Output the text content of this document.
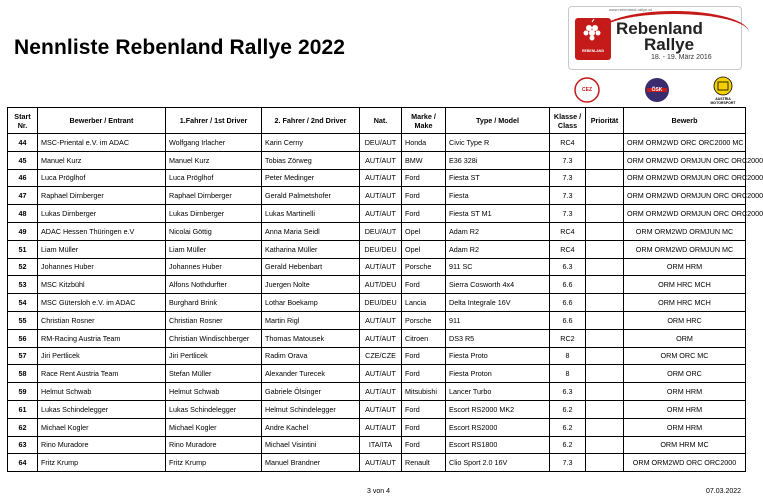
Nennliste Rebenland Rallye 2022
www.rebenland-rallye.at
REBENLAND
Rebenland
Rallye
18. - 19. März 2016
CEZ	ÖSK
AUSTRIA MOTORSPORT
Start Nr.	Bewerber / Entrant	1.Fahrer / 1st Driver	2. Fahrer / 2nd Driver	Nat.	Marke / Make	Type / Model	Klasse / Class	Priorität	Bewerb
44	MSC-Priental e.V. im ADAC	Wolfgang Irlacher	Karin Cerny	DEU/AUT	Honda	Civic Type R	RC4		ORM ORM2WD ORC ORC2000 MC
45	Manuel Kurz	Manuel Kurz	Tobias Zörweg	AUT/AUT	BMW	E36 328i	7.3		ORM ORM2WD ORMJUN ORC ORC2000
46	Luca Pröglhof	Luca Pröglhof	Peter Medinger	AUT/AUT	Ford	Fiesta ST	7.3		ORM ORM2WD ORMJUN ORC ORC2000
47	Raphael Dirnberger	Raphael Dirnberger	Gerald Palmetshofer	AUT/AUT	Ford	Fiesta	7.3		ORM ORM2WD ORMJUN ORC ORC2000
48	Lukas Dirnberger	Lukas Dirnberger	Lukas Martinelli	AUT/AUT	Ford	Fiesta ST M1	7.3		ORM ORM2WD ORMJUN ORC ORC2000
49	ADAC Hessen Thüringen e.V	Nicolai Göttig	Anna Maria Seidl	DEU/AUT	Opel	Adam R2	RC4		ORM ORM2WD ORMJUN MC
51	Liam Müller	Liam Müller	Katharina Müller	DEU/DEU	Opel	Adam R2	RC4		ORM ORM2WD ORMJUN MC
52	Johannes Huber	Johannes Huber	Gerald Hebenbart	AUT/AUT	Porsche	911 SC	6.3		ORM HRM
53	MSC Kitzbühl	Alfons Nothdurfter	Juergen Nolte	AUT/DEU	Ford	Sierra Cosworth 4x4	6.6		ORM HRC MCH
54	MSC Gütersloh e.V. im ADAC	Burghard Brink	Lothar Boekamp	DEU/DEU	Lancia	Delta Integrale 16V	6.6		ORM HRC MCH
55	Christian Rosner	Christian Rosner	Martin Rigl	AUT/AUT	Porsche	911	6.6		ORM HRC
56	RM-Racing Austria Team	Christian Windischberger	Thomas Matousek	AUT/AUT	Citroen	DS3 R5	RC2		ORM
57	Jiri Pertlicek	Jiri Pertlicek	Radim Orava	CZE/CZE	Ford	Fiesta Proto	8		ORM ORC MC
58	Race Rent Austria Team	Stefan Müller	Alexander Turecek	AUT/AUT	Ford	Fiesta Proton	8		ORM ORC
59	Helmut Schwab	Helmut Schwab	Gabriele Ölsinger	AUT/AUT	Mitsubishi	Lancer Turbo	6.3		ORM HRM
61	Lukas Schindelegger	Lukas Schindelegger	Helmut Schindelegger	AUT/AUT	Ford	Escort RS2000 MK2	6.2		ORM HRM
62	Michael Kogler	Michael Kogler	Andre Kachel	AUT/AUT	Ford	Escort RS2000	6.2		ORM HRM
63	Rino Muradore	Rino Muradore	Michael Visintini	ITA/ITA	Ford	Escort RS1800	6.2		ORM HRM MC
64	Fritz Krump	Fritz Krump	Manuel Brandner	AUT/AUT	Renault	Clio Sport 2.0 16V	7.3		ORM ORM2WD ORC ORC2000
3 von 4	07.03.2022
